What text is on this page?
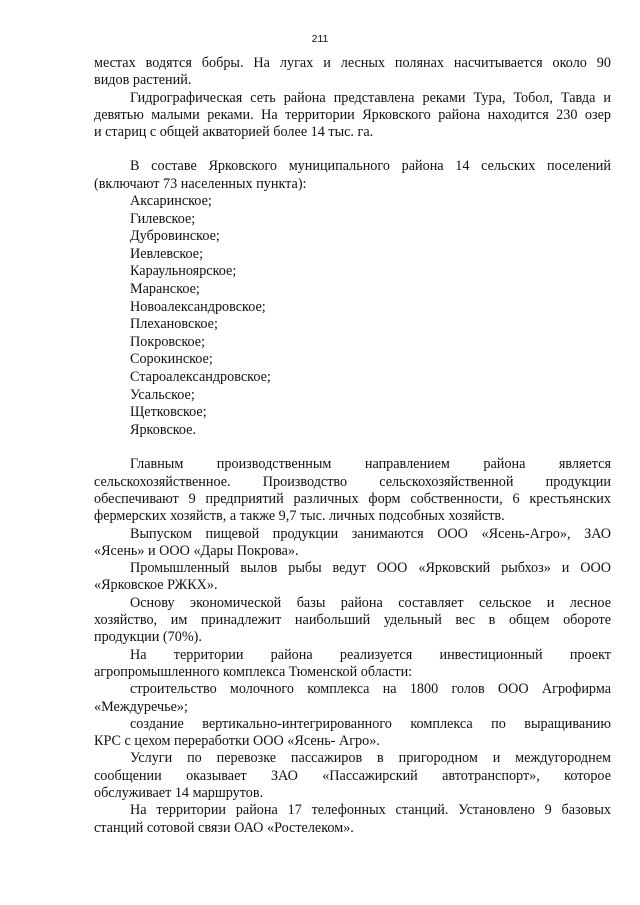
211
местах водятся бобры. На лугах и лесных полянах насчитывается около 90
видов растений.
Гидрографическая сеть района представлена реками Тура, Тобол, Тавда и
девятью малыми реками. На территории Ярковского района находится 230 озер
и стариц с общей акваторией более 14 тыс. га.
В составе Ярковского муниципального района 14 сельских поселений
(включают 73 населенных пункта):
Аксаринское;
Гилевское;
Дубровинское;
Иевлевское;
Караульноярское;
Маранское;
Новоалександровское;
Плехановское;
Покровское;
Сорокинское;
Староалександровское;
Усальское;
Щетковское;
Ярковское.
Главным производственным направлением района является
сельскохозяйственное. Производство сельскохозяйственной продукции
обеспечивают 9 предприятий различных форм собственности, 6 крестьянских
фермерских хозяйств, а также 9,7 тыс. личных подсобных хозяйств.
Выпуском пищевой продукции занимаются ООО «Ясень-Агро», ЗАО
«Ясень» и ООО «Дары Покрова».
Промышленный вылов рыбы ведут ООО «Ярковский рыбхоз» и ООО
«Ярковское РЖКХ».
Основу экономической базы района составляет сельское и лесное
хозяйство, им принадлежит наибольший удельный вес в общем обороте
продукции (70%).
На территории района реализуется инвестиционный проект
агропромышленного комплекса Тюменской области:
строительство молочного комплекса на 1800 голов ООО Агрофирма
«Междуречье»;
создание вертикально-интегрированного комплекса по выращиванию
КРС с цехом переработки ООО «Ясень- Агро».
Услуги по перевозке пассажиров в пригородном и междугороднем
сообщении оказывает ЗАО «Пассажирский автотранспорт», которое
обслуживает 14 маршрутов.
На территории района 17 телефонных станций. Установлено 9 базовых
станций сотовой связи ОАО «Ростелеком».
